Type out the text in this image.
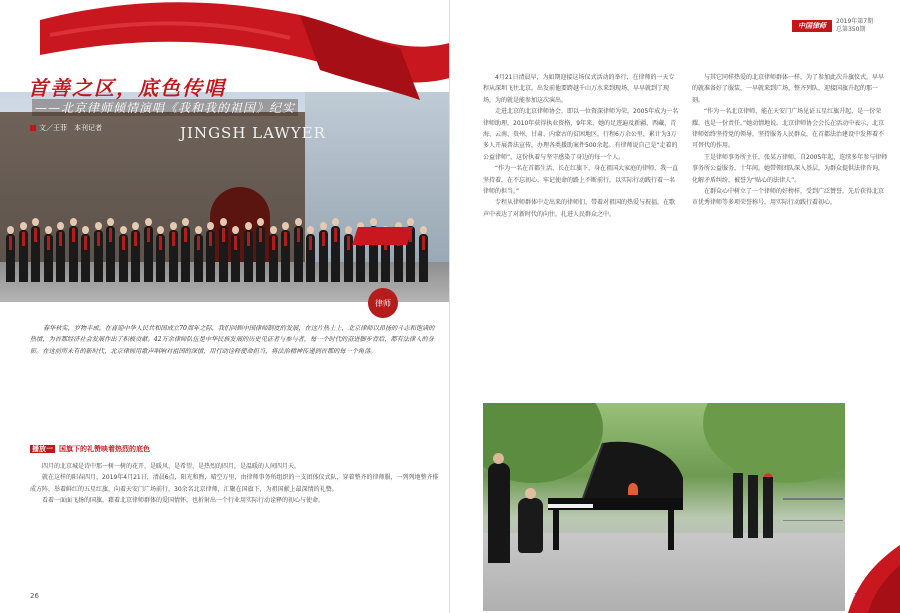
JINGSH LAWYER
首善之区，底色传唱
——北京律师倾情演唱《我和我的祖国》纪实
文／王菲　本刊记者
律师
春华秋实，岁物丰成。在喜迎中华人民共和国成立70周年之际，我们回顾中国律师制度的发展，在这片热土上，北京律师以昂扬的斗志和饱满的热情，为首都经济社会发展作出了积极贡献。42万余律师队伍是中华民族发展的历史见证者与参与者，每一个时代的奋进脚步背后，都有法律人的身影。在这前所未有的新时代，北京律师用歌声唱响对祖国的深情，用行动诠释使命担当，将法治精神传递到首都的每一个角落。
播放一 国旗下的礼赞映着热烈的底色

四月的北京城是诗中那一树一树的花开，是暖风、是希望、是热烈的四月，是温暖的人间四月天。

就在这样的阳春四月，2019年4月21日，清晨6点，阳光和煦，晴空万里，由律师事务所组织的一支团体仪式队，穿着整齐的律师服，一列列地整齐排成方阵，举着鲜红的五星红旗，向着天安门广场前行，30余名北京律师，汇聚在国旗下，为祖国献上最深情的礼赞。

看着一面面飞扬的国旗，藉着北京律师群体的爱国情怀，也折射出一个行业用实际行动诠释的初心与使命。

26
中国律师
2019年第7期
总第350期

4月21日清晨早，为如期迎接这场仪式活动的举行，在律师的一天专程从深圳飞往北京，出发前他要跨越千山万水来到现场，早早就到了现场，为的就是能参加这次演出。

走进北京的北京律师协会，即以一位资深律师为荣，2005年成为一名律师助理，2010年获得执业资格，9年来，她的足迹遍及新疆、西藏、青海、云南、贵州、甘肃、内蒙古的贫困地区，行程6万余公里，累计为3万多人开展普法宣传，办理各类援助案件500余起。有律师说自己是“走着的公益律师”，这份执着与坚守感染了身边的每一个人。

“作为一名在首都生活、长在红旗下，身在祖国大家庭的律师，我一直坚持着，在不忘初心、牢记使命的路上不断前行，以实际行动践行着一名律师的担当。”

专程从律师群体中走出来的律师们，带着对祖国的热爱与祝福，在歌声中表达了对新时代的向往，扎进人民群众之中。

与其它同样热爱的北京律师群体一样，为了参加此次升旗仪式，早早的就准备好了服装，一早就来到广场，整齐列队，迎接国旗升起的那一刻。

“作为一名北京律师，能在天安门广场见证五星红旗升起，是一份荣耀，也是一份责任。”她动情地说。北京律师协会会长在活动中表示，北京律师始终坚持党的领导，坚持服务人民群众，在首都法治建设中发挥着不可替代的作用。

王是律师事务所主任，张某方律师，自2005年起，连续多年参与律师事务所公益服务，十年间，她带领团队深入基层，为群众提供法律咨询，化解矛盾纠纷，被誉为“贴心的法律人”。

在群众心中树立了一个律师的好榜样，受到广泛赞誉，先后获得北京市优秀律师等多项荣誉称号，用实际行动践行着初心。

27
